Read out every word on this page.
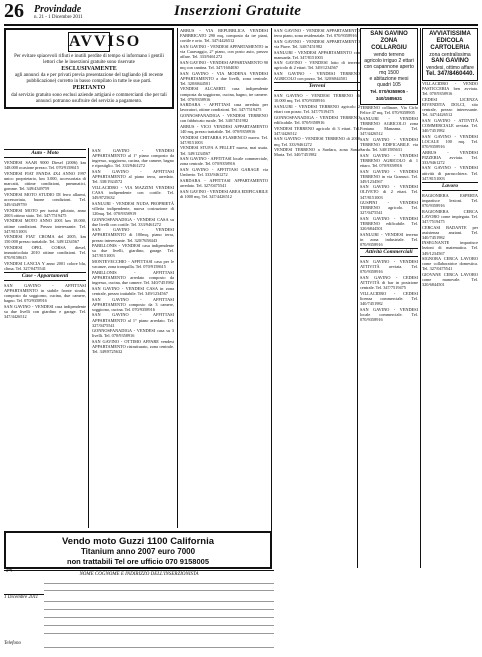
26 Provindade
n. 21 - 1 Dicembre 2011	Inserzioni Gratuite
AVVISO

Per evitare spiacevoli rifiuti e inutili perdite di tempo si informano i gentili lettori che le inserzioni gratuite sono riservate

ESCLUSIVAMENTE

agli annunci da e per privati previa presentazione del tagliando (di recente pubblicazione) corretto in basso compilato in tutte le sue parti.

PERTANTO

dal servizio gratuito sono esclusi aziende artigiani e commercianti che per tali annunci potranno usufruire del servizio a pagamento.

Auto - Moto

VENDESI SAAB 9000 Diesel (2006) km 148.000 ocasione prezzo. Tel. 070/9158615

VENDESI FIAT PANDA 4X4 ANNO 1997 unico proprietario, km 3.000, accessoriata di marcatti, ottime condizioni, pneumatici, gomme. Tel. 349/4349759

VENDESI MOTO STUDIO DI ferro allarmi, accessoriata, buone condizioni. Tel. 349/4349759

VENDESI MOTO per turisti pilotato, anno 2003 ottimo stato. Tel. 347/7519475

VENDESI MOTO ANNO 2001 km 18.000, ottime condizioni. Prezzo interessante. Tel. 347/8151003

VENDESI FIAT CROMA del 2005, km 150.000 prezzo trattabile. Tel. 349/1234567

VENDESI OPEL CORSA diesel, immatricolata 2010 ottime condizioni. Tel. 070/9158615

VENDESI LANCIA Y anno 2001 colore blu, clima. Tel. 327/0475541

Case - Appartamenti

SAN GAVINO - AFFITTASI APPARTAMENTO in stabile fronte strada, composto da soggiorno, cucina, due camere, bagno. Tel. 070/9358916

SAN GAVINO - VENDESI casa indipendente su due livelli con giardino e garage. Tel. 347/4426512

SAN GAVINO - VENDESI APPARTAMENTO al 1° piano composto da ingresso, soggiorno, cucina, due camere, bagno e ripostiglio. Tel. 333/9461272

SAN GAVINO - AFFITTASI APPARTAMENTO al piano terra, arredato. Tel. 338/1924572

VILLACIDRO - VIA MAZZINI VENDESI CASA indipendente con cortile. Tel. 349/8725632

SANLURI - VENDESI NUDA PROPRIETÀ villetta indipendente, nuova costruzione di 120mq. Tel. 070/9358919

GONNOSFANADIGA - VENDESI CASA su due livelli con cortile. Tel. 333/9461272

SAN GAVINO - VENDESI APPARTAMENTO di 100mq, piano terra, prezzo interessante. Tel. 320/7658443

PABILLONIS - VENDESI casa indipendente su due livelli, giardino, garage. Tel. 347/8151003

MONTEVECCHIO - AFFITTASI casa per le vacanze, zona tranquilla. Tel. 070/9158615

PABILLONIS - AFFITTASI APPARTAMENTO arredato composto da ingresso, cucina, due camere. Tel. 340/7451982

SAN GAVINO - VENDESI CASA in zona centrale, prezzo trattabile. Tel. 349/1234567

SAN GAVINO - AFFITTASI APPARTAMENTO composto da 3 camere, soggiorno, cucina. Tel. 070/9358916

SAN GAVINO - AFFITTASI APPARTAMENTO al 1° piano arredato. Tel. 327/0475541

GONNOSFANADIGA - VENDESI casa su 3 livelli. Tel. 070/9358916

SAN GAVINO - OTTIMO AFFARE vendesi APPARTAMENTO ristrutturato, zona centrale. Tel. 349/8725632

ARBUS - VIA REPUBBLICA VENDESI FABBRICATO 290 mq, composto da tre piani, cortile e orto. Tel. 347/4426512

SAN GAVINO - VENDESI APPARTAMENTO in via Caravaggio, 2° piano, con posto auto, prezzo affare. Tel. 333/9461272

SAN GAVINO - VENDESI APPARTAMENTO 90 mq con cantina. Tel. 347/1604030

SAN GAVINO - VIA MODENA VENDESI APPARTAMENTO a due livelli, zona centrale. Tel. 320/6844501

VENDESI ALCAERTI casa indipendente composta da soggiorno, cucina, bagno, tre camere. Tel. 070/9358916

SARDARA - AFFITTASI casa arredata per lavoratori, ottime condizioni. Tel. 347/7519475

GONNOSFANADIGA - VENDESI TERRENO con fabbricato rurale. Tel. 340/7451982

ARBUS - VICO VENDESI APPARTAMENTO 140 mq, prezzo trattabile. Tel. 070/9358916

VENDESI CHITARRA FLAMENCO nuova. Tel. 347/8151003

VENDESI STUFA A PELLET nuova, mai usata. Tel. 349/1234567

SAN GAVINO - AFFITTASI locale commerciale, zona centrale. Tel. 070/9358916

SAN GAVINO - AFFITTASI GARAGE via Umberto. Tel. 333/9461272

SARDARA - AFFITTASI APPARTAMENTO arredato. Tel. 327/0475541

SAN GAVINO - VENDESI AREA EDIFICABILE di 1000 mq. Tel. 347/4426512

SAN GAVINO - VENDESI APPARTAMENTO terra piano, zona residenziale. Tel. 070/9358916

SAN GAVINO - VENDESI APPARTAMENTO via Piave. Tel. 340/7451982

SANLURI - VENDESI APPARTAMENTO con mansarda. Tel. 347/8151003

SAN GAVINO - VENDESI lotto di terreno agricolo di 2 ettari. Tel. 349/1234567

SAN GAVINO - VENDESI TERRENO AGRICOLO con pozzo. Tel. 320/6844501

Terreni

SAN GAVINO - VENDESI TERRENO di 10.000 mq. Tel. 070/9358916

SANLURI - VENDESI TERRENO agricolo 2 ettari con pozzo. Tel. 347/7519475

GONNOSFANADIGA - VENDESI TERRENO edificabile. Tel. 070/9358916

VENDESI TERRENO agricolo di 3 ettari. Tel. 347/4426512

SAN GAVINO - VENDESI TERRENO di 2000 mq. Tel. 333/9461272

VENDESI TERRENO a Sardara, zona Santa Maria. Tel. 340/7451982

SAN GAVINO
ZONA COLLARGIU
vendo terreno
agricolo irriguo 2 ettari
con capannone aperto mq 1500
e abitazione mesi quadri 105
Tel. 070/9358905 - 340/1585631

TERRENO collinare, Via Cirlo Felice 47 mq. Tel. 070/9358905

SANLURI - VENDESI TERRENO AGRICOLO zona Fontana Manzana. Tel. 347/4426512

SAN GAVINO - VENDESI TERRENO EDIFICABILE via Sarda. Tel. 340/1585631

SAN GAVINO - VENDESI TERRENO AGRICOLO di 1 ettaro. Tel. 070/9358916

SAN GAVINO - VENDESI TERRENO in via Gramsci. Tel. 349/1234567

SAN GAVINO - VENDESI OLIVETO di 2 ettari. Tel. 347/8151003

GUSPINI - VENDESI TERRENO agricolo. Tel. 327/0475541

SAN GAVINO - VENDESI TERRENO edificabile. Tel. 320/6844501

SANLURI - VENDESI terreno in zona industriale. Tel. 070/9358916

Attività Commerciali

SAN GAVINO - VENDESI ATTIVITÀ avviata. Tel. 070/9358916

SAN GAVINO - CEDESI ATTIVITÀ di bar in posizione centrale. Tel. 347/7519475

VILLACIDRO - CEDESI licenza commerciale. Tel. 340/7451982

SAN GAVINO - VENDESI locale commerciale. Tel. 070/9358916

AVVIATISSIMA
EDICOLA
CARTOLERIA
zona centralissima
SAN GAVINO
vendesi, ottimo affare
Tel. 347/8460440.

VILLACIDRO - VENDO PASTICCERIA ben avviata. Tel. 070/9358916

CEDESI LICENZA RIVENDITA DOLCI, sito centrale, prezzo interessante. Tel. 347/4426512

SAN GAVINO - ATTIVITÀ COMMERCIALE avviata. Tel. 340/7451982

SAN GAVINO - VENDESI LOCALE 100 mq. Tel. 070/9358916

ARBUS - VENDESI PIZZERIA avviata. Tel. 333/9461272

SAN GAVINO - VENDESI attività di parrucchiera. Tel. 347/8151003

Lavoro

RAGIONIERA ESPERTA impartisce lezioni. Tel. 070/9358916

RAGIONIERA CERCA LAVORO come impiegata. Tel. 347/7519475

CERCASI BADANTE per assistenza anziani. Tel. 340/7451982

INSEGNANTE impartisce lezioni di matematica. Tel. 349/1234567

SIGNORA CERCA LAVORO come collaboratrice domestica. Tel. 327/0475541

GIOVANE CERCA LAVORO come manovale. Tel. 320/6844501

Vendo moto Guzzi 1100 California
Titanium anno 2007 euro 7000
non trattabili Tel ore ufficio 070 9158005
✂	NOME COGNOME E INDIRIZZO DELL'INSERZIONISTA
1 Dicembre 2011
Telefono
